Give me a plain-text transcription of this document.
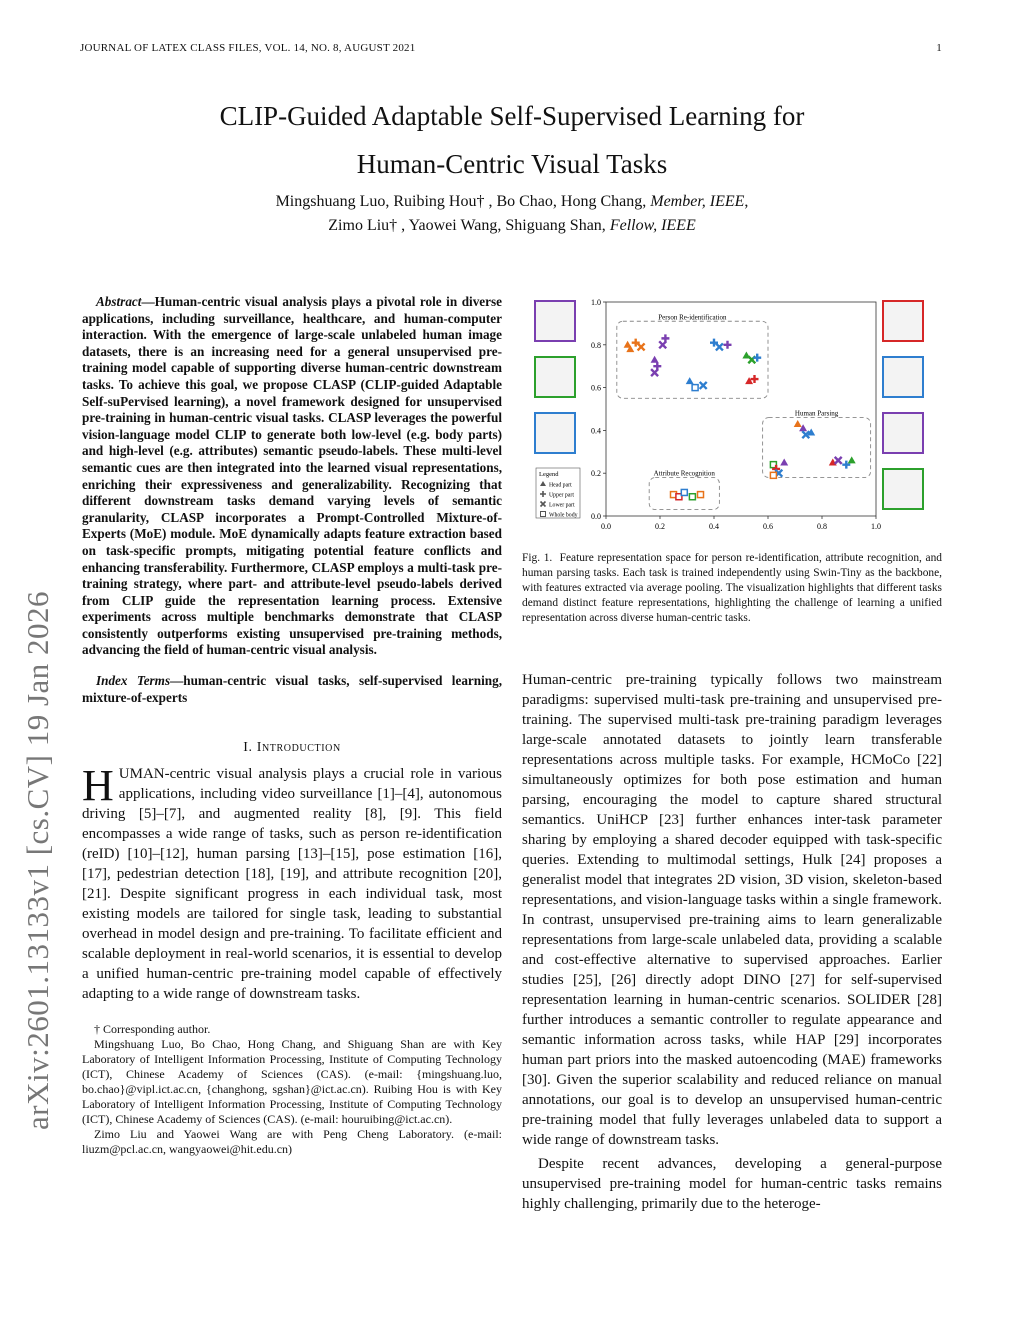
JOURNAL OF LATEX CLASS FILES, VOL. 14, NO. 8, AUGUST 2021	1
CLIP-Guided Adaptable Self-Supervised Learning for
Human-Centric Visual Tasks
Mingshuang Luo, Ruibing Hou† , Bo Chao, Hong Chang, Member, IEEE,
Zimo Liu† , Yaowei Wang, Shiguang Shan, Fellow, IEEE
arXiv:2601.13133v1 [cs.CV] 19 Jan 2026

Abstract—Human-centric visual analysis plays a pivotal role in diverse applications, including surveillance, healthcare, and human-computer interaction. With the emergence of large-scale unlabeled human image datasets, there is an increasing need for a general unsupervised pre-training model capable of supporting diverse human-centric downstream tasks. To achieve this goal, we propose CLASP (CLIP-guided Adaptable Self-suPervised learning), a novel framework designed for unsupervised pre-training in human-centric visual tasks. CLASP leverages the powerful vision-language model CLIP to generate both low-level (e.g. body parts) and high-level (e.g. attributes) semantic pseudo-labels. These multi-level semantic cues are then integrated into the learned visual representations, enriching their expressiveness and generalizability. Recognizing that different downstream tasks demand varying levels of semantic granularity, CLASP incorporates a Prompt-Controlled Mixture-of-Experts (MoE) module. MoE dynamically adapts feature extraction based on task-specific prompts, mitigating potential feature conflicts and enhancing transferability. Furthermore, CLASP employs a multi-task pre-training strategy, where part- and attribute-level pseudo-labels derived from CLIP guide the representation learning process. Extensive experiments across multiple benchmarks demonstrate that CLASP consistently outperforms existing unsupervised pre-training methods, advancing the field of human-centric visual analysis.

Index Terms—human-centric visual tasks, self-supervised learning, mixture-of-experts

I. Introduction

HUMAN-centric visual analysis plays a crucial role in various applications, including video surveillance [1]–[4], autonomous driving [5]–[7], and augmented reality [8], [9]. This field encompasses a wide range of tasks, such as person re-identification (reID) [10]–[12], human parsing [13]–[15], pose estimation [16], [17], pedestrian detection [18], [19], and attribute recognition [20], [21]. Despite significant progress in each individual task, most existing models are tailored for single task, leading to substantial overhead in model design and pre-training. To facilitate efficient and scalable deployment in real-world scenarios, it is essential to develop a unified human-centric pre-training model capable of effectively adapting to a wide range of downstream tasks.

† Corresponding author.

Mingshuang Luo, Bo Chao, Hong Chang, and Shiguang Shan are with Key Laboratory of Intelligent Information Processing, Institute of Computing Technology (ICT), Chinese Academy of Sciences (CAS). (e-mail: {mingshuang.luo, bo.chao}@vipl.ict.ac.cn, {changhong, sgshan}@ict.ac.cn). Ruibing Hou is with Key Laboratory of Intelligent Information Processing, Institute of Computing Technology (ICT), Chinese Academy of Sciences (CAS). (e-mail: houruibing@ict.ac.cn).

Zimo Liu and Yaowei Wang are with Peng Cheng Laboratory. (e-mail: liuzm@pcl.ac.cn, wangyaowei@hit.edu.cn)

0.0	0.2	0.4	0.6	0.8	1.0
0.0
0.2
0.4
0.6
0.8
1.0
Person Re-identification
Human Parsing
Attribute Recognition
Legend
Head part
Upper part
Lower part
Whole body
Fig. 1. Feature representation space for person re-identification, attribute recognition, and human parsing tasks. Each task is trained independently using Swin-Tiny as the backbone, with features extracted via average pooling. The visualization highlights that different tasks demand distinct feature representations, highlighting the challenge of learning a unified representation across diverse human-centric tasks.

Human-centric pre-training typically follows two mainstream paradigms: supervised multi-task pre-training and unsupervised pre-training. The supervised multi-task pre-training paradigm leverages large-scale annotated datasets to jointly learn transferable representations across multiple tasks. For example, HCMoCo [22] simultaneously optimizes for both pose estimation and human parsing, encouraging the model to capture shared structural semantics. UniHCP [23] further enhances inter-task parameter sharing by employing a shared decoder equipped with task-specific queries. Extending to multimodal settings, Hulk [24] proposes a generalist model that integrates 2D vision, 3D vision, skeleton-based representations, and vision-language tasks within a single framework. In contrast, unsupervised pre-training aims to learn generalizable representations from large-scale unlabeled data, providing a scalable and cost-effective alternative to supervised approaches. Earlier studies [25], [26] directly adopt DINO [27] for self-supervised representation learning in human-centric scenarios. SOLIDER [28] further introduces a semantic controller to regulate appearance and semantic information across tasks, while HAP [29] incorporates human part priors into the masked autoencoding (MAE) frameworks [30]. Given the superior scalability and reduced reliance on manual annotations, our goal is to develop an unsupervised human-centric pre-training model that fully leverages unlabeled data to support a wide range of downstream tasks.

Despite recent advances, developing a general-purpose unsupervised pre-training model for human-centric tasks remains highly challenging, primarily due to the heteroge-
